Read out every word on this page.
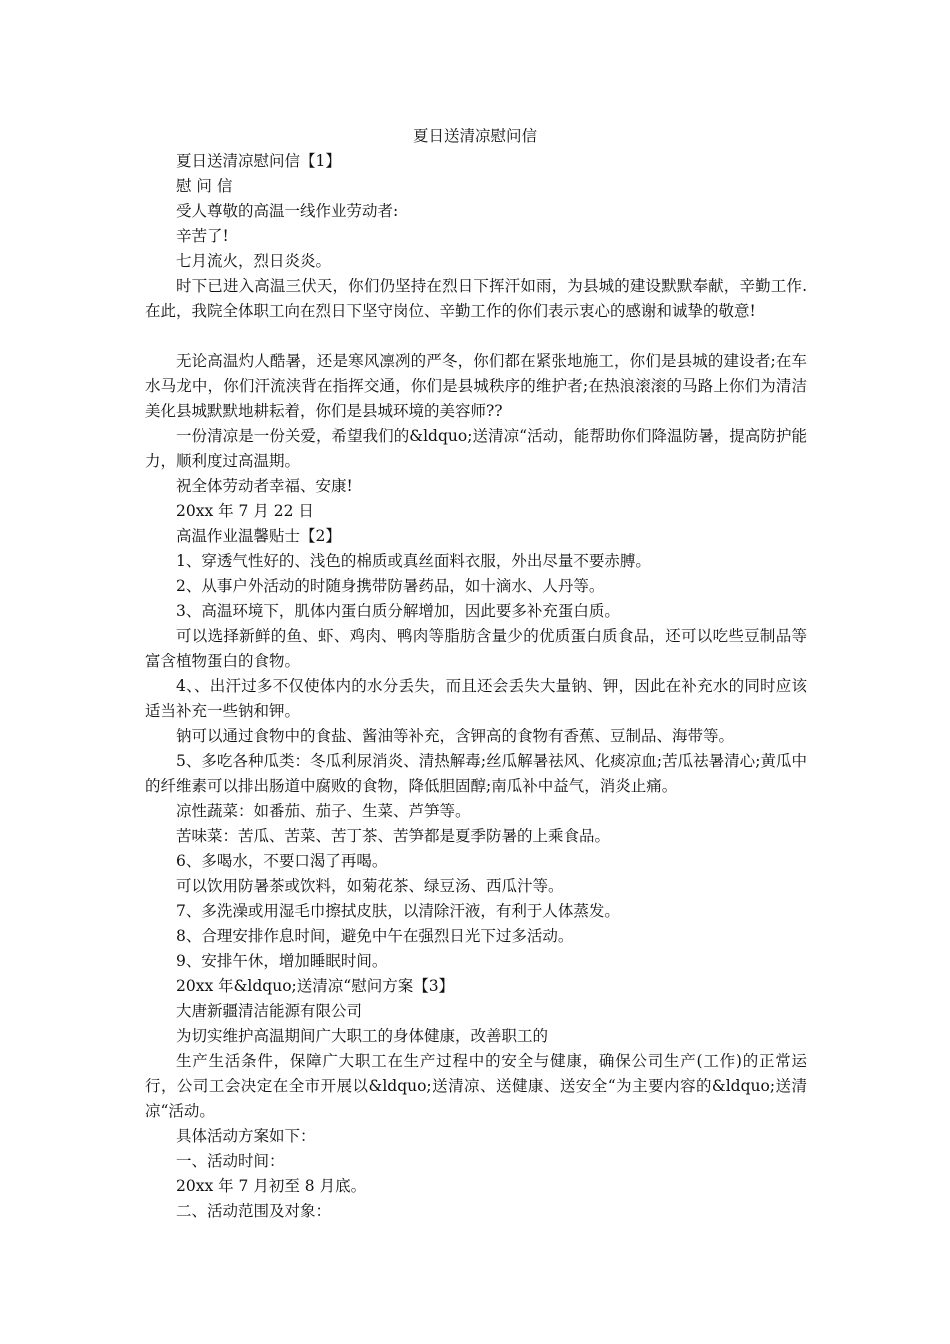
夏日送清凉慰问信
夏日送清凉慰问信【1】
慰 问 信
受人尊敬的高温一线作业劳动者:
辛苦了!
七月流火，烈日炎炎。
时下已进入高温三伏天，你们仍坚持在烈日下挥汗如雨，为县城的建设默默奉献，辛勤工作.在此，我院全体职工向在烈日下坚守岗位、辛勤工作的你们表示衷心的感谢和诚挚的敬意!
无论高温灼人酷暑，还是寒风凛冽的严冬，你们都在紧张地施工，你们是县城的建设者;在车水马龙中，你们汗流浃背在指挥交通，你们是县城秩序的维护者;在热浪滚滚的马路上你们为清洁美化县城默默地耕耘着，你们是县城环境的美容师??
一份清凉是一份关爱，希望我们的&ldquo;送清凉“活动，能帮助你们降温防暑，提高防护能力，顺利度过高温期。
祝全体劳动者幸福、安康!
20xx 年 7 月 22 日
高温作业温馨贴士【2】
1、穿透气性好的、浅色的棉质或真丝面料衣服，外出尽量不要赤膊。
2、从事户外活动的时随身携带防暑药品，如十滴水、人丹等。
3、高温环境下，肌体内蛋白质分解增加，因此要多补充蛋白质。
可以选择新鲜的鱼、虾、鸡肉、鸭肉等脂肪含量少的优质蛋白质食品，还可以吃些豆制品等富含植物蛋白的食物。
4、、出汗过多不仅使体内的水分丢失，而且还会丢失大量钠、钾，因此在补充水的同时应该适当补充一些钠和钾。
钠可以通过食物中的食盐、酱油等补充，含钾高的食物有香蕉、豆制品、海带等。
5、多吃各种瓜类：冬瓜利尿消炎、清热解毒;丝瓜解暑祛风、化痰凉血;苦瓜祛暑清心;黄瓜中的纤维素可以排出肠道中腐败的食物，降低胆固醇;南瓜补中益气，消炎止痛。
凉性蔬菜：如番茄、茄子、生菜、芦笋等。
苦味菜：苦瓜、苦菜、苦丁茶、苦笋都是夏季防暑的上乘食品。
6、多喝水，不要口渴了再喝。
可以饮用防暑茶或饮料，如菊花茶、绿豆汤、西瓜汁等。
7、多洗澡或用湿毛巾擦拭皮肤，以清除汗液，有利于人体蒸发。
8、合理安排作息时间，避免中午在强烈日光下过多活动。
9、安排午休，增加睡眠时间。
20xx 年&ldquo;送清凉“慰问方案【3】
大唐新疆清洁能源有限公司
为切实维护高温期间广大职工的身体健康，改善职工的
生产生活条件，保障广大职工在生产过程中的安全与健康，确保公司生产(工作)的正常运行，公司工会决定在全市开展以&ldquo;送清凉、送健康、送安全“为主要内容的&ldquo;送清凉“活动。
具体活动方案如下：
一、活动时间：
20xx 年 7 月初至 8 月底。
二、活动范围及对象：
